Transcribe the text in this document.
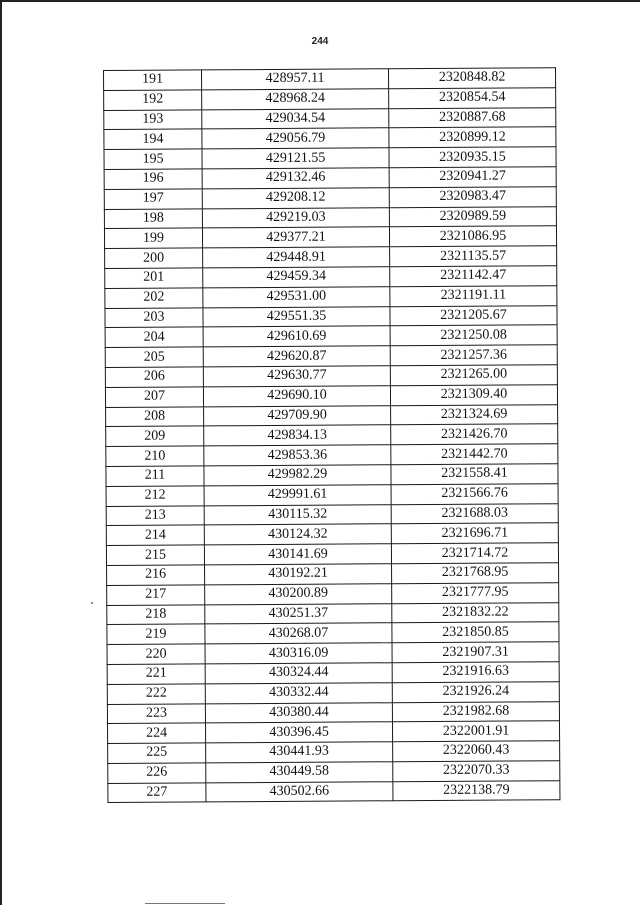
244
191	428957.11	2320848.82
192	428968.24	2320854.54
193	429034.54	2320887.68
194	429056.79	2320899.12
195	429121.55	2320935.15
196	429132.46	2320941.27
197	429208.12	2320983.47
198	429219.03	2320989.59
199	429377.21	2321086.95
200	429448.91	2321135.57
201	429459.34	2321142.47
202	429531.00	2321191.11
203	429551.35	2321205.67
204	429610.69	2321250.08
205	429620.87	2321257.36
206	429630.77	2321265.00
207	429690.10	2321309.40
208	429709.90	2321324.69
209	429834.13	2321426.70
210	429853.36	2321442.70
211	429982.29	2321558.41
212	429991.61	2321566.76
213	430115.32	2321688.03
214	430124.32	2321696.71
215	430141.69	2321714.72
216	430192.21	2321768.95
217	430200.89	2321777.95
218	430251.37	2321832.22
219	430268.07	2321850.85
220	430316.09	2321907.31
221	430324.44	2321916.63
222	430332.44	2321926.24
223	430380.44	2321982.68
224	430396.45	2322001.91
225	430441.93	2322060.43
226	430449.58	2322070.33
227	430502.66	2322138.79
